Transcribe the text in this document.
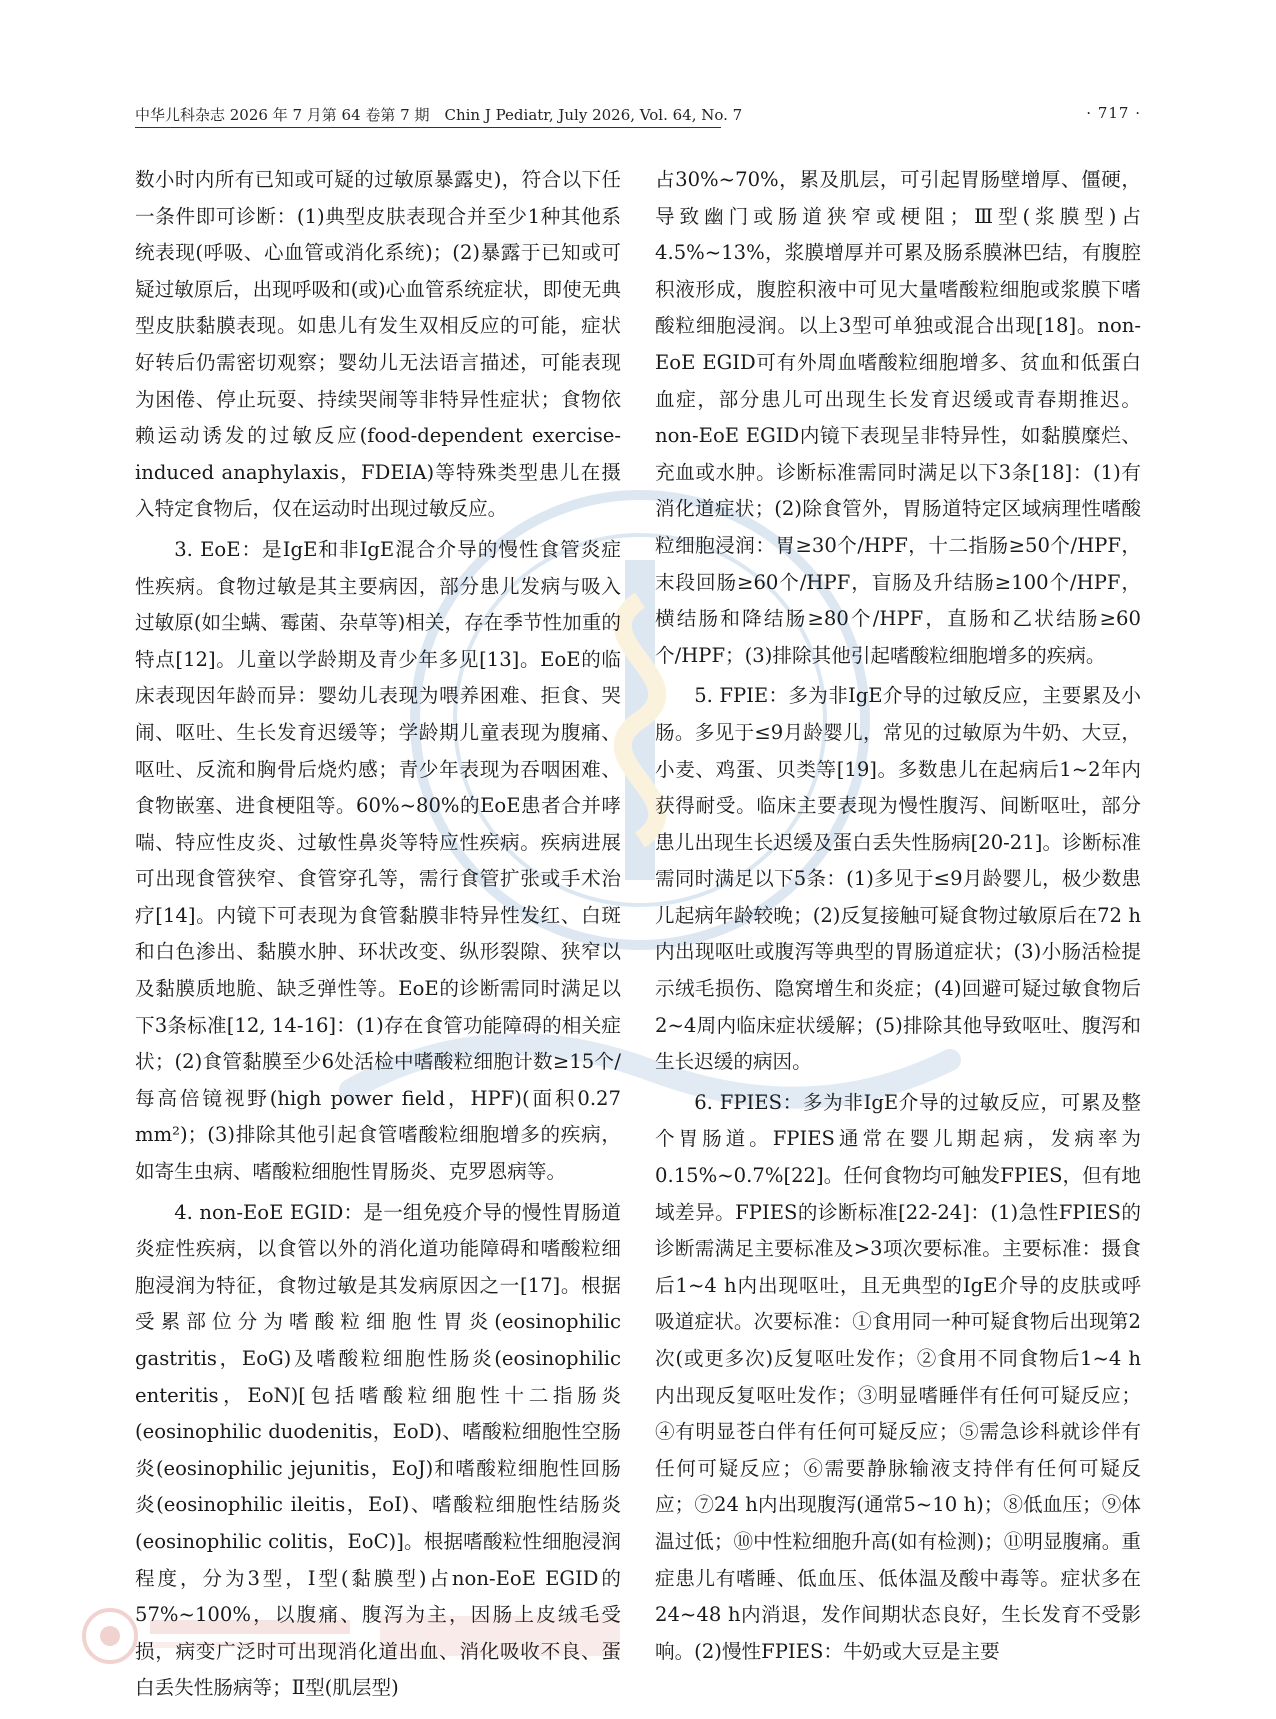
中华儿科杂志 2026 年 7 月第 64 卷第 7 期　Chin J Pediatr, July 2026, Vol. 64, No. 7	· 717 ·

数小时内所有已知或可疑的过敏原暴露史)，符合以下任一条件即可诊断：(1)典型皮肤表现合并至少1种其他系统表现(呼吸、心血管或消化系统)；(2)暴露于已知或可疑过敏原后，出现呼吸和(或)心血管系统症状，即使无典型皮肤黏膜表现。如患儿有发生双相反应的可能，症状好转后仍需密切观察；婴幼儿无法语言描述，可能表现为困倦、停止玩耍、持续哭闹等非特异性症状；食物依赖运动诱发的过敏反应(food-dependent exercise-induced anaphylaxis，FDEIA)等特殊类型患儿在摄入特定食物后，仅在运动时出现过敏反应。

3. EoE：是IgE和非IgE混合介导的慢性食管炎症性疾病。食物过敏是其主要病因，部分患儿发病与吸入过敏原(如尘螨、霉菌、杂草等)相关，存在季节性加重的特点[12]。儿童以学龄期及青少年多见[13]。EoE的临床表现因年龄而异：婴幼儿表现为喂养困难、拒食、哭闹、呕吐、生长发育迟缓等；学龄期儿童表现为腹痛、呕吐、反流和胸骨后烧灼感；青少年表现为吞咽困难、食物嵌塞、进食梗阻等。60%~80%的EoE患者合并哮喘、特应性皮炎、过敏性鼻炎等特应性疾病。疾病进展可出现食管狭窄、食管穿孔等，需行食管扩张或手术治疗[14]。内镜下可表现为食管黏膜非特异性发红、白斑和白色渗出、黏膜水肿、环状改变、纵形裂隙、狭窄以及黏膜质地脆、缺乏弹性等。EoE的诊断需同时满足以下3条标准[12, 14-16]：(1)存在食管功能障碍的相关症状；(2)食管黏膜至少6处活检中嗜酸粒细胞计数≥15个/每高倍镜视野(high power field，HPF)(面积0.27 mm²)；(3)排除其他引起食管嗜酸粒细胞增多的疾病，如寄生虫病、嗜酸粒细胞性胃肠炎、克罗恩病等。

4. non-EoE EGID：是一组免疫介导的慢性胃肠道炎症性疾病，以食管以外的消化道功能障碍和嗜酸粒细胞浸润为特征，食物过敏是其发病原因之一[17]。根据受累部位分为嗜酸粒细胞性胃炎(eosinophilic gastritis，EoG)及嗜酸粒细胞性肠炎(eosinophilic enteritis，EoN)[包括嗜酸粒细胞性十二指肠炎(eosinophilic duodenitis，EoD)、嗜酸粒细胞性空肠炎(eosinophilic jejunitis，EoJ)和嗜酸粒细胞性回肠炎(eosinophilic ileitis，EoI)、嗜酸粒细胞性结肠炎(eosinophilic colitis，EoC)]。根据嗜酸粒性细胞浸润程度，分为3型，Ⅰ型(黏膜型)占non-EoE EGID的57%~100%，以腹痛、腹泻为主，因肠上皮绒毛受损，病变广泛时可出现消化道出血、消化吸收不良、蛋白丢失性肠病等；Ⅱ型(肌层型)

占30%~70%，累及肌层，可引起胃肠壁增厚、僵硬，导致幽门或肠道狭窄或梗阻；Ⅲ型(浆膜型)占4.5%~13%，浆膜增厚并可累及肠系膜淋巴结，有腹腔积液形成，腹腔积液中可见大量嗜酸粒细胞或浆膜下嗜酸粒细胞浸润。以上3型可单独或混合出现[18]。non-EoE EGID可有外周血嗜酸粒细胞增多、贫血和低蛋白血症，部分患儿可出现生长发育迟缓或青春期推迟。non-EoE EGID内镜下表现呈非特异性，如黏膜糜烂、充血或水肿。诊断标准需同时满足以下3条[18]：(1)有消化道症状；(2)除食管外，胃肠道特定区域病理性嗜酸粒细胞浸润：胃≥30个/HPF，十二指肠≥50个/HPF，末段回肠≥60个/HPF，盲肠及升结肠≥100个/HPF，横结肠和降结肠≥80个/HPF，直肠和乙状结肠≥60个/HPF；(3)排除其他引起嗜酸粒细胞增多的疾病。

5. FPIE：多为非IgE介导的过敏反应，主要累及小肠。多见于≤9月龄婴儿，常见的过敏原为牛奶、大豆，小麦、鸡蛋、贝类等[19]。多数患儿在起病后1~2年内获得耐受。临床主要表现为慢性腹泻、间断呕吐，部分患儿出现生长迟缓及蛋白丢失性肠病[20-21]。诊断标准需同时满足以下5条：(1)多见于≤9月龄婴儿，极少数患儿起病年龄较晚；(2)反复接触可疑食物过敏原后在72 h内出现呕吐或腹泻等典型的胃肠道症状；(3)小肠活检提示绒毛损伤、隐窝增生和炎症；(4)回避可疑过敏食物后2~4周内临床症状缓解；(5)排除其他导致呕吐、腹泻和生长迟缓的病因。

6. FPIES：多为非IgE介导的过敏反应，可累及整个胃肠道。FPIES通常在婴儿期起病，发病率为0.15%~0.7%[22]。任何食物均可触发FPIES，但有地域差异。FPIES的诊断标准[22-24]：(1)急性FPIES的诊断需满足主要标准及>3项次要标准。主要标准：摄食后1~4 h内出现呕吐，且无典型的IgE介导的皮肤或呼吸道症状。次要标准：①食用同一种可疑食物后出现第2次(或更多次)反复呕吐发作；②食用不同食物后1~4 h内出现反复呕吐发作；③明显嗜睡伴有任何可疑反应；④有明显苍白伴有任何可疑反应；⑤需急诊科就诊伴有任何可疑反应；⑥需要静脉输液支持伴有任何可疑反应；⑦24 h内出现腹泻(通常5~10 h)；⑧低血压；⑨体温过低；⑩中性粒细胞升高(如有检测)；⑪明显腹痛。重症患儿有嗜睡、低血压、低体温及酸中毒等。症状多在24~48 h内消退，发作间期状态良好，生长发育不受影响。(2)慢性FPIES：牛奶或大豆是主要
